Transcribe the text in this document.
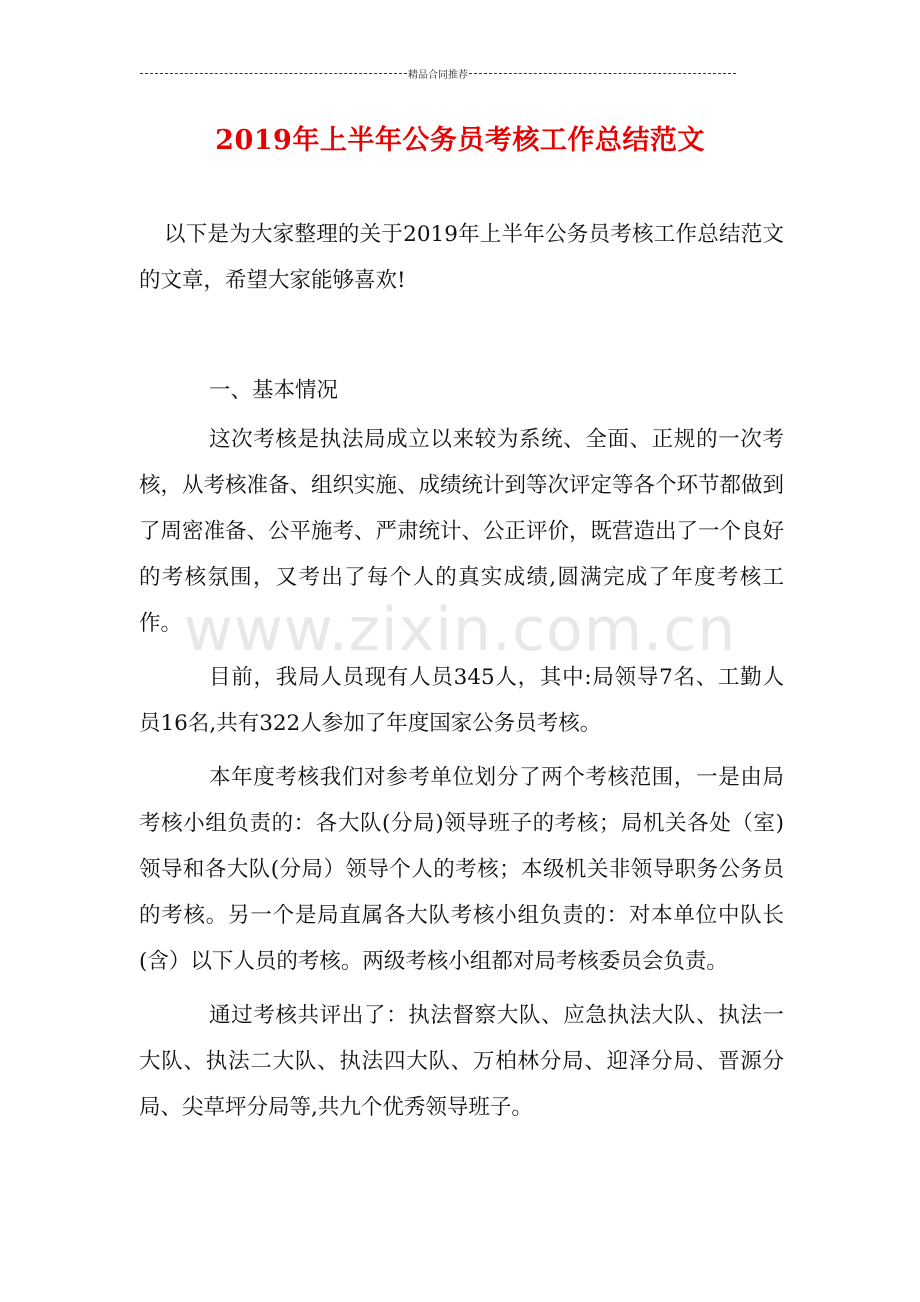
精品合同推荐
2019年上半年公务员考核工作总结范文
www.zixin.com.cn

以下是为大家整理的关于2019年上半年公务员考核工作总结范文的文章，希望大家能够喜欢!

一、基本情况

这次考核是执法局成立以来较为系统、全面、正规的一次考核，从考核准备、组织实施、成绩统计到等次评定等各个环节都做到了周密准备、公平施考、严肃统计、公正评价，既营造出了一个良好的考核氛围，又考出了每个人的真实成绩,圆满完成了年度考核工作。

目前，我局人员现有人员345人，其中:局领导7名、工勤人员16名,共有322人参加了年度国家公务员考核。

本年度考核我们对参考单位划分了两个考核范围，一是由局考核小组负责的：各大队(分局)领导班子的考核；局机关各处（室)领导和各大队(分局）领导个人的考核；本级机关非领导职务公务员的考核。另一个是局直属各大队考核小组负责的：对本单位中队长(含）以下人员的考核。两级考核小组都对局考核委员会负责。

通过考核共评出了：执法督察大队、应急执法大队、执法一大队、执法二大队、执法四大队、万柏林分局、迎泽分局、晋源分局、尖草坪分局等,共九个优秀领导班子。
